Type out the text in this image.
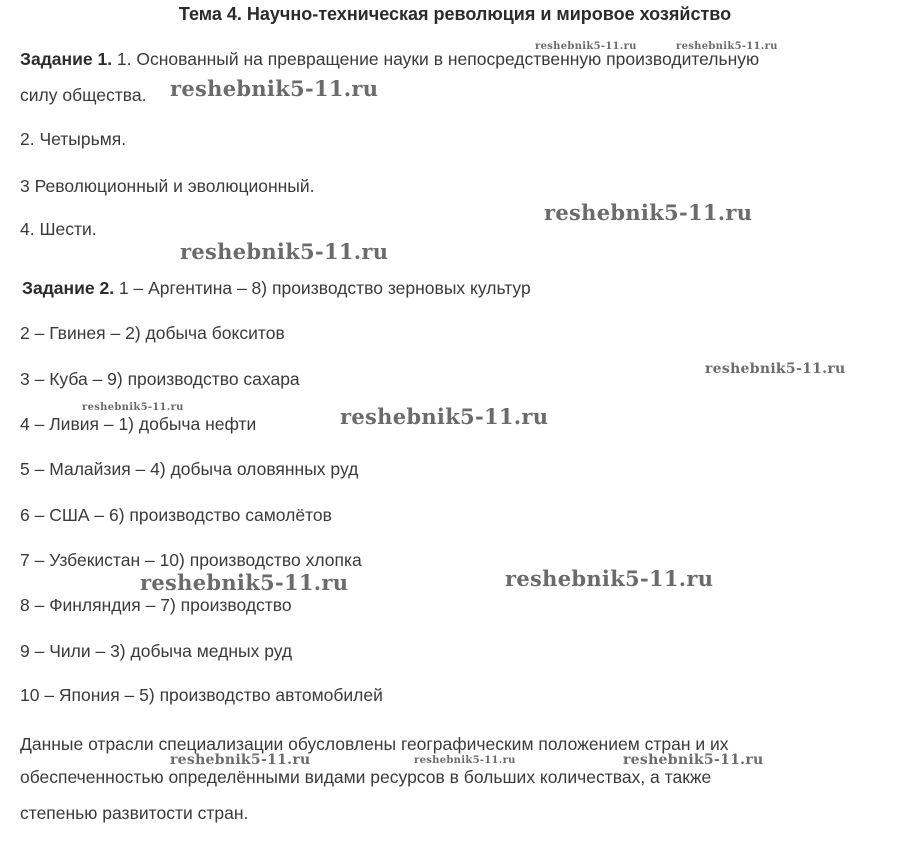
Тема 4. Научно-техническая революция и мировое хозяйство
Задание 1. 1. Основанный на превращение науки в непосредственную производительную
силу общества.
2. Четырьмя.
3 Революционный и эволюционный.
4. Шести.
Задание 2. 1 – Аргентина – 8) производство зерновых культур
2 – Гвинея – 2) добыча бокситов
3 – Куба – 9) производство сахара
4 – Ливия – 1) добыча нефти
5 – Малайзия – 4) добыча оловянных руд
6 – США – 6) производство самолётов
7 – Узбекистан – 10) производство хлопка
8 – Финляндия – 7) производство
9 – Чили – 3) добыча медных руд
10 – Япония – 5) производство автомобилей
Данные отрасли специализации обусловлены географическим положением стран и их
обеспеченностью определёнными видами ресурсов в больших количествах, а также
степенью развитости стран.
reshebnik5-11.ru	reshebnik5-11.ru
reshebnik5-11.ru
reshebnik5-11.ru
reshebnik5-11.ru
reshebnik5-11.ru
reshebnik5-11.ru	reshebnik5-11.ru
reshebnik5-11.ru	reshebnik5-11.ru
reshebnik5-11.ru	reshebnik5-11.ru	reshebnik5-11.ru
